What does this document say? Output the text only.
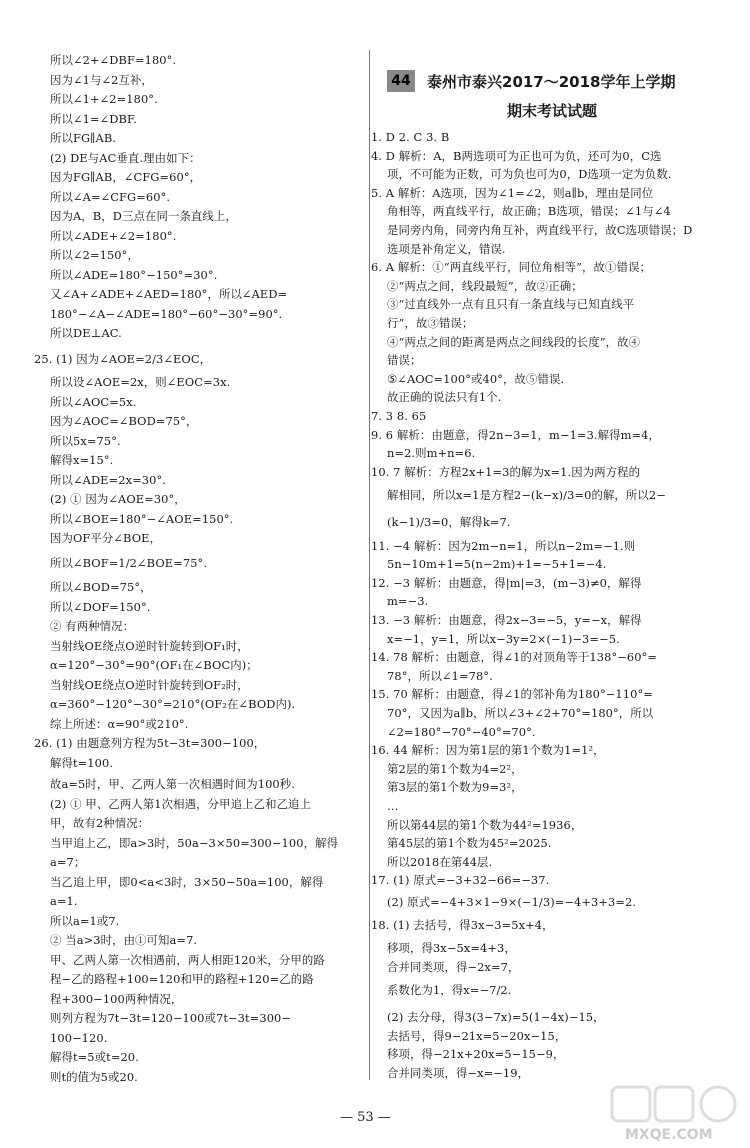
所以∠2+∠DBF=180°.
因为∠1与∠2互补，
所以∠1+∠2=180°.
所以∠1=∠DBF.
所以FG∥AB.
(2) DE与AC垂直.理由如下：
因为FG∥AB，∠CFG=60°，
所以∠A=∠CFG=60°.
因为A，B，D三点在同一条直线上，
所以∠ADE+∠2=180°.
所以∠2=150°，
所以∠ADE=180°−150°=30°.
又∠A+∠ADE+∠AED=180°，所以∠AED=
180°−∠A−∠ADE=180°−60°−30°=90°.
所以DE⊥AC.
25. (1) 因为∠AOE=2/3∠EOC，
所以设∠AOE=2x，则∠EOC=3x.
所以∠AOC=5x.
因为∠AOC=∠BOD=75°，
所以5x=75°.
解得x=15°.
所以∠ADE=2x=30°.
(2) ① 因为∠AOE=30°，
所以∠BOE=180°−∠AOE=150°.
因为OF平分∠BOE，
所以∠BOF=1/2∠BOE=75°.
所以∠BOD=75°，
所以∠DOF=150°.
② 有两种情况：
当射线OE绕点O逆时针旋转到OF₁时，
α=120°−30°=90°(OF₁在∠BOC内)；
当射线OE绕点O逆时针旋转到OF₂时，
α=360°−120°−30°=210°(OF₂在∠BOD内).
综上所述：α=90°或210°.
26. (1) 由题意列方程为5t−3t=300−100，
解得t=100.
故a=5时，甲、乙两人第一次相遇时间为100秒.
(2) ① 甲、乙两人第1次相遇，分甲追上乙和乙追上
甲，故有2种情况：
当甲追上乙，即a>3时，50a−3×50=300−100，解得
a=7；
当乙追上甲，即0<a<3时，3×50−50a=100，解得
a=1.
所以a=1或7.
② 当a>3时，由①可知a=7.
甲、乙两人第一次相遇前，两人相距120米，分甲的路
程−乙的路程+100=120和甲的路程+120=乙的路
程+300−100两种情况，
则列方程为7t−3t=120−100或7t−3t=300−
100−120.
解得t=5或t=20.
则t的值为5或20.
44 泰州市泰兴2017～2018学年上学期
期末考试试题
1. D 2. C 3. B
4. D 解析：A，B两选项可为正也可为负，还可为0，C选
项，不可能为正数，可为负也可为0，D选项一定为负数.
5. A 解析：A选项，因为∠1=∠2，则a∥b，理由是同位
角相等，两直线平行，故正确；B选项，错误；∠1与∠4
是同旁内角，同旁内角互补，两直线平行，故C选项错误；D
选项是补角定义，错误.
6. A 解析：①“两直线平行，同位角相等”，故①错误；
②“两点之间，线段最短”，故②正确；
③“过直线外一点有且只有一条直线与已知直线平
行”，故③错误；
④“两点之间的距离是两点之间线段的长度”，故④
错误；
⑤∠AOC=100°或40°，故⑤错误.
故正确的说法只有1个.
7. 3 8. 65
9. 6 解析：由题意，得2n−3=1，m−1=3.解得m=4，
n=2.则m+n=6.
10. 7 解析：方程2x+1=3的解为x=1.因为两方程的
解相同，所以x=1是方程2−(k−x)/3=0的解，所以2−
(k−1)/3=0，解得k=7.
11. −4 解析：因为2m−n=1，所以n−2m=−1.则
5n−10m+1=5(n−2m)+1=−5+1=−4.
12. −3 解析：由题意，得|m|=3，(m−3)≠0，解得
m=−3.
13. −3 解析：由题意，得2x−3=−5，y=−x，解得
x=−1，y=1，所以x−3y=2×(−1)−3=−5.
14. 78 解析：由题意，得∠1的对顶角等于138°−60°=
78°，所以∠1=78°.
15. 70 解析：由题意，得∠1的邻补角为180°−110°=
70°，又因为a∥b，所以∠3+∠2+70°=180°，所以
∠2=180°−70°−40°=70°.
16. 44 解析：因为第1层的第1个数为1=1²，
第2层的第1个数为4=2²，
第3层的第1个数为9=3²，
…
所以第44层的第1个数为44²=1936，
第45层的第1个数为45²=2025.
所以2018在第44层.
17. (1) 原式=−3+32−66=−37.
(2) 原式=−4+3×1−9×(−1/3)=−4+3+3=2.
18. (1) 去括号，得3x−3=5x+4，
移项，得3x−5x=4+3，
合并同类项，得−2x=7，
系数化为1，得x=−7/2.
(2) 去分母，得3(3−7x)=5(1−4x)−15，
去括号，得9−21x=5−20x−15，
移项，得−21x+20x=5−15−9，
合并同类项，得−x=−19，
— 53 —
MXQE.COM
